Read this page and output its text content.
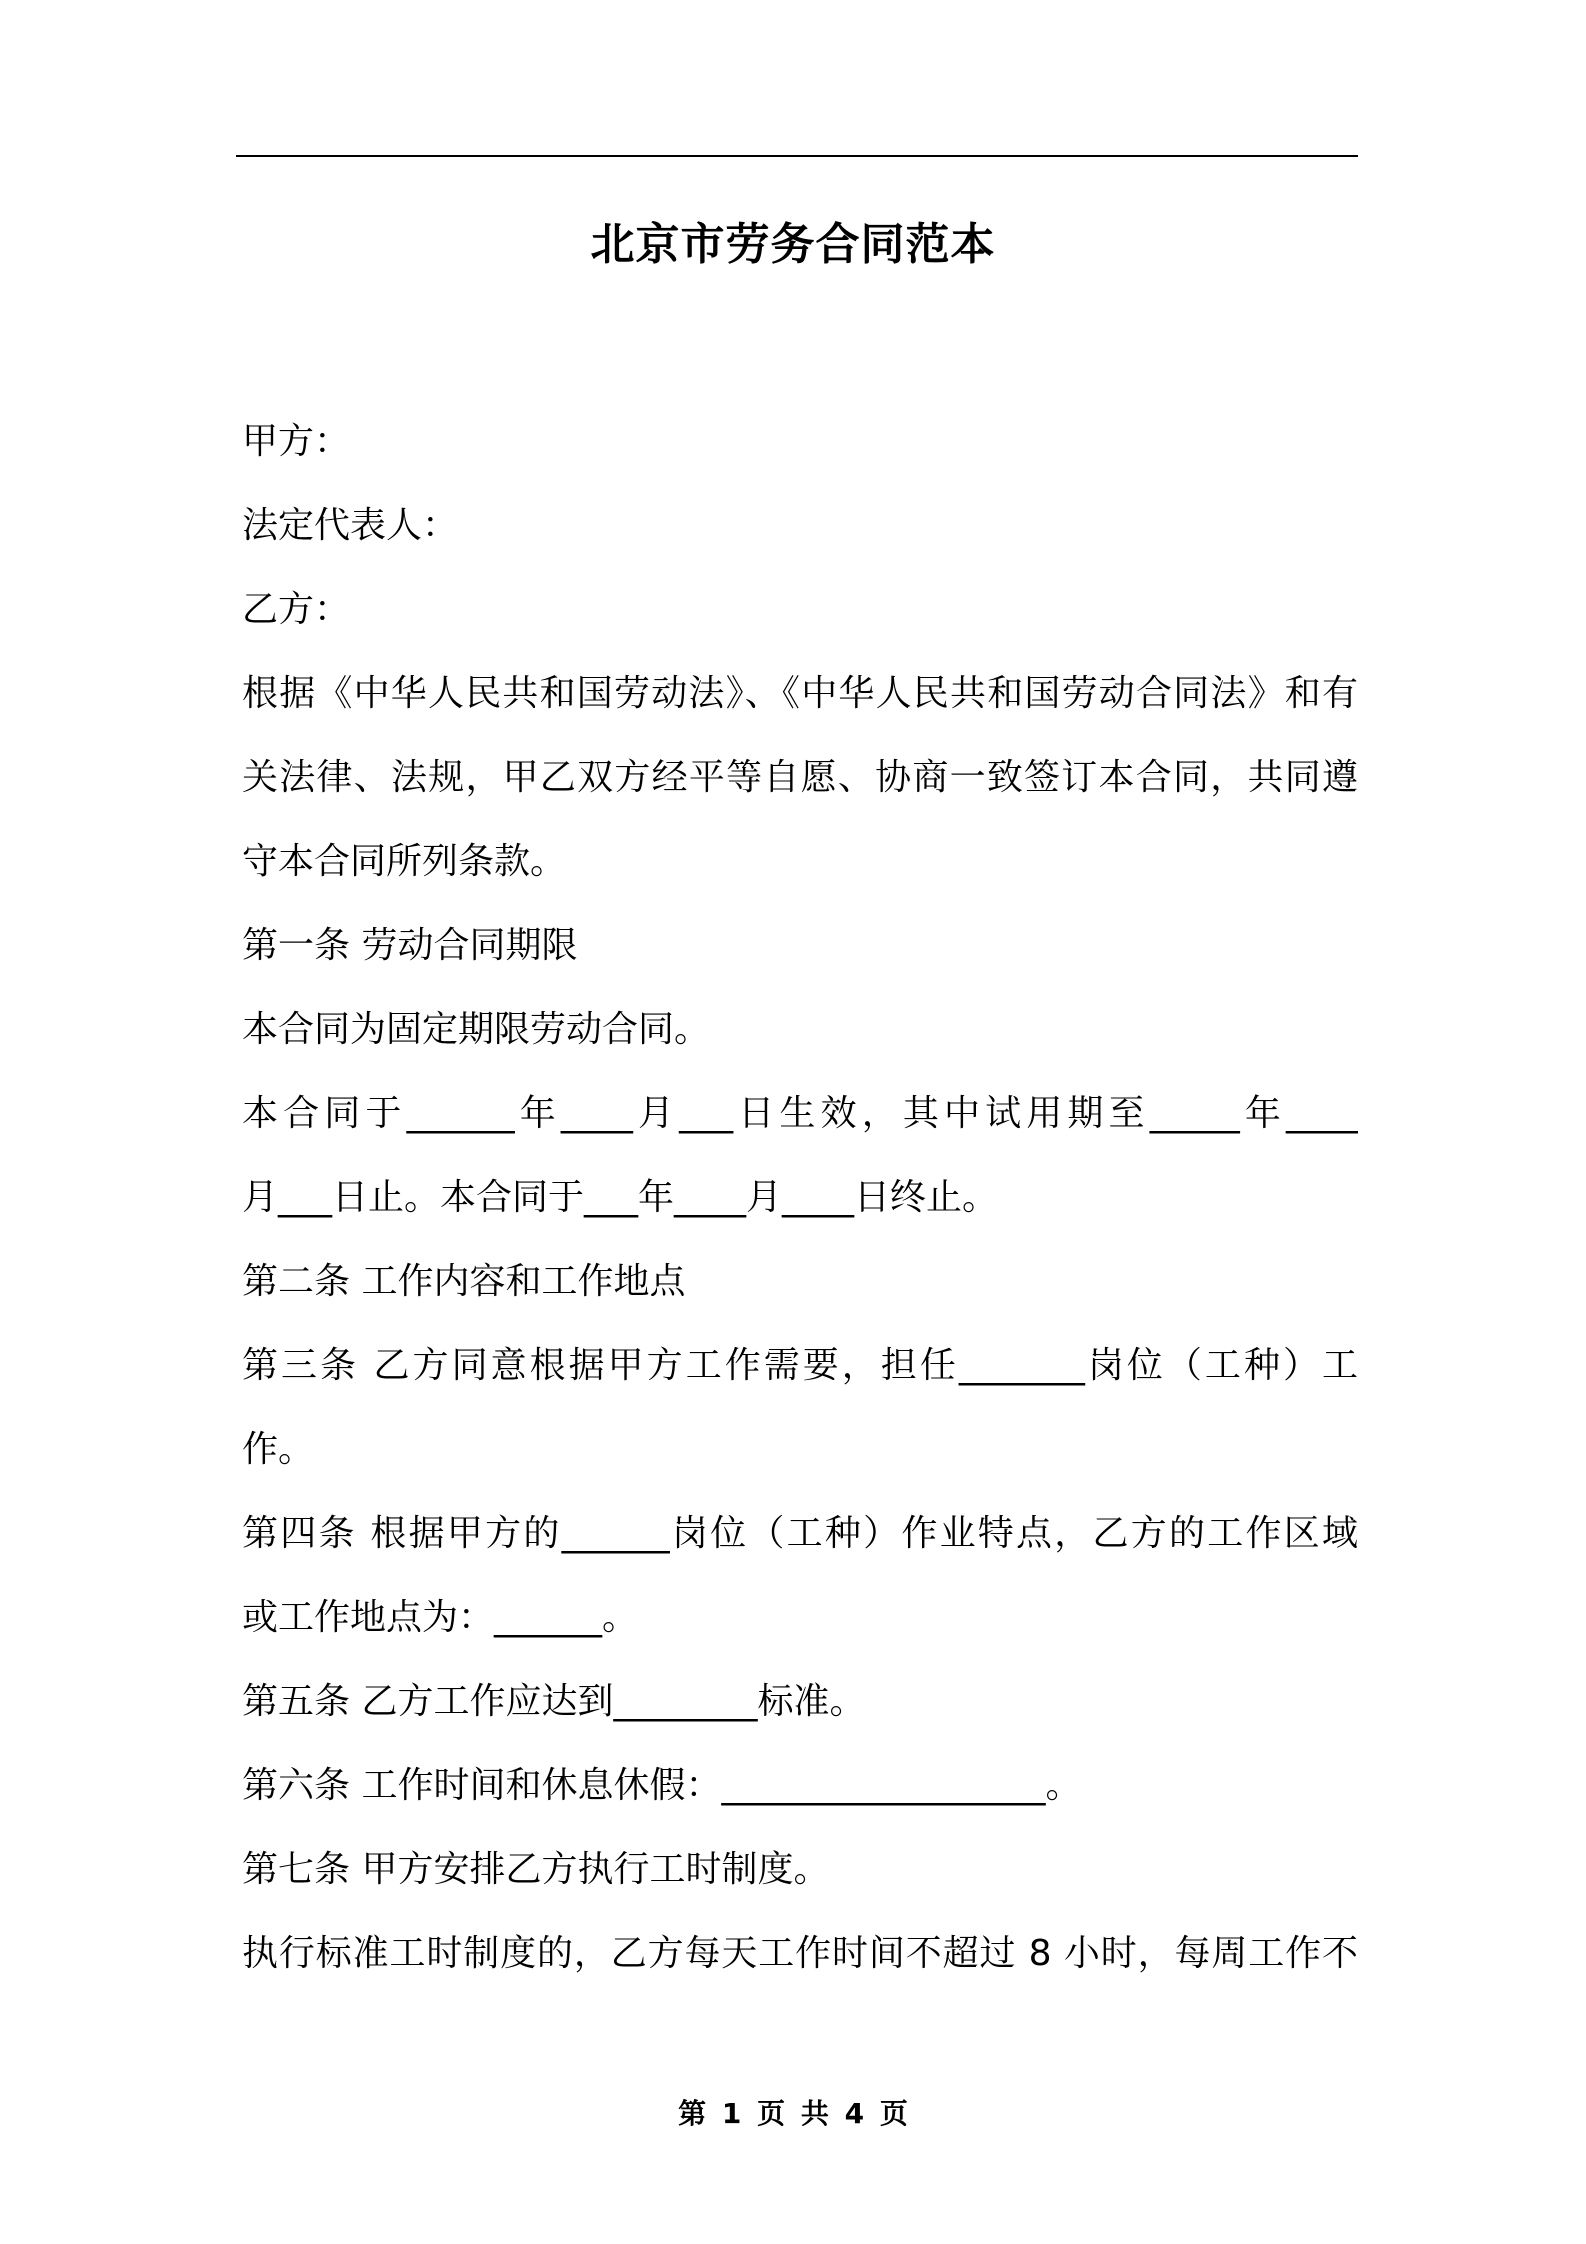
北京市劳务合同范本
甲方：
法定代表人：
乙方：
根据《中华人民共和国劳动法》、《中华人民共和国劳动合同法》和有
关法律、法规，甲乙双方经平等自愿、协商一致签订本合同，共同遵
守本合同所列条款。
第一条 劳动合同期限
本合同为固定期限劳动合同。
本合同于______年____月___日生效，其中试用期至_____年____
月___日止。本合同于___年____月____日终止。
第二条 工作内容和工作地点
第三条 乙方同意根据甲方工作需要，担任_______岗位（工种）工
作。
第四条 根据甲方的______岗位（工种）作业特点，乙方的工作区域
或工作地点为：______。
第五条 乙方工作应达到________标准。
第六条 工作时间和休息休假：__________________。
第七条 甲方安排乙方执行工时制度。
执行标准工时制度的，乙方每天工作时间不超过 8 小时，每周工作不
第 1 页 共 4 页
